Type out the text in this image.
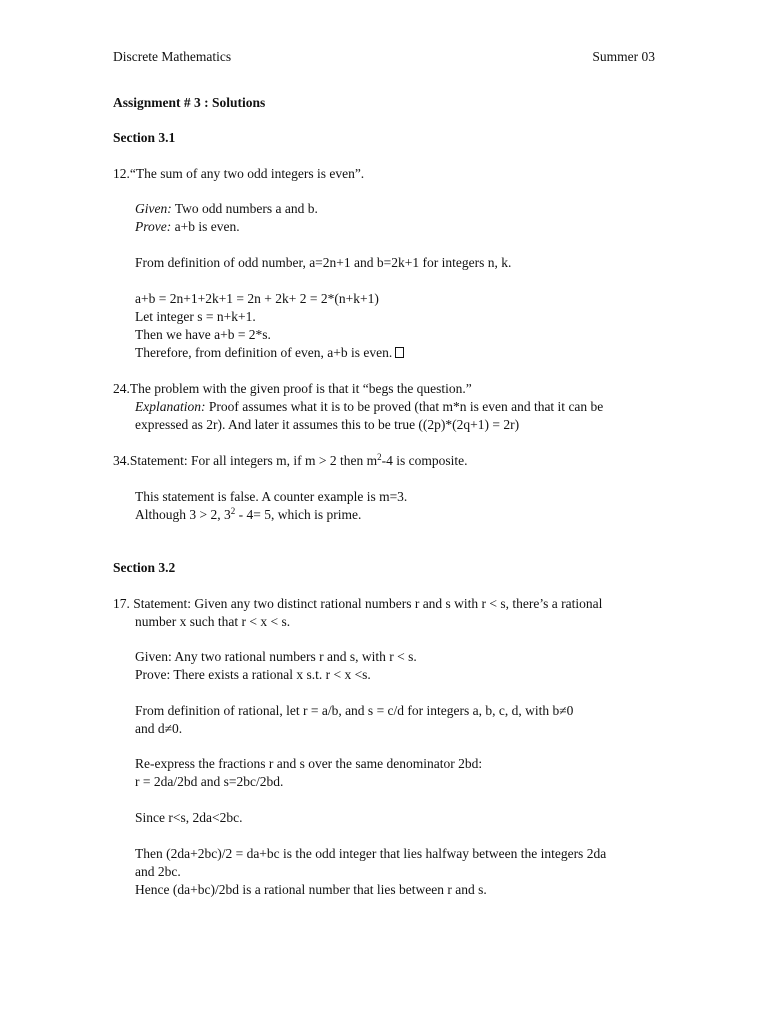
Discrete Mathematics	Summer 03
Assignment # 3 : Solutions
Section 3.1
12.“The sum of any two odd integers is even”.
Given: Two odd numbers a and b.
Prove: a+b is even.
From definition of odd number, a=2n+1 and b=2k+1 for integers n, k.
a+b = 2n+1+2k+1 = 2n + 2k+ 2 = 2*(n+k+1)
Let integer s = n+k+1.
Then we have a+b = 2*s.
Therefore, from definition of even, a+b is even.
24.The problem with the given proof is that it “begs the question.”
Explanation: Proof assumes what it is to be proved (that m*n is even and that it can be
expressed as 2r). And later it assumes this to be true ((2p)*(2q+1) = 2r)
34.Statement: For all integers m, if m > 2 then $m^2-4$ is composite.
This statement is false. A counter example is m=3.
Although 3 > 2, $3^2 - 4= 5$, which is prime.
Section 3.2
17. Statement: Given any two distinct rational numbers r and s with r < s, there’s a rational
number x such that r < x < s.
Given: Any two rational numbers r and s, with r < s.
Prove: There exists a rational x s.t. r < x <s.
From definition of rational, let r = a/b, and s = c/d for integers a, b, c, d, with b≠0
and d≠0.
Re-express the fractions r and s over the same denominator 2bd:
r = 2da/2bd and s=2bc/2bd.
Since r<s, 2da<2bc.
Then (2da+2bc)/2 = da+bc is the odd integer that lies halfway between the integers 2da
and 2bc.
Hence (da+bc)/2bd is a rational number that lies between r and s.
